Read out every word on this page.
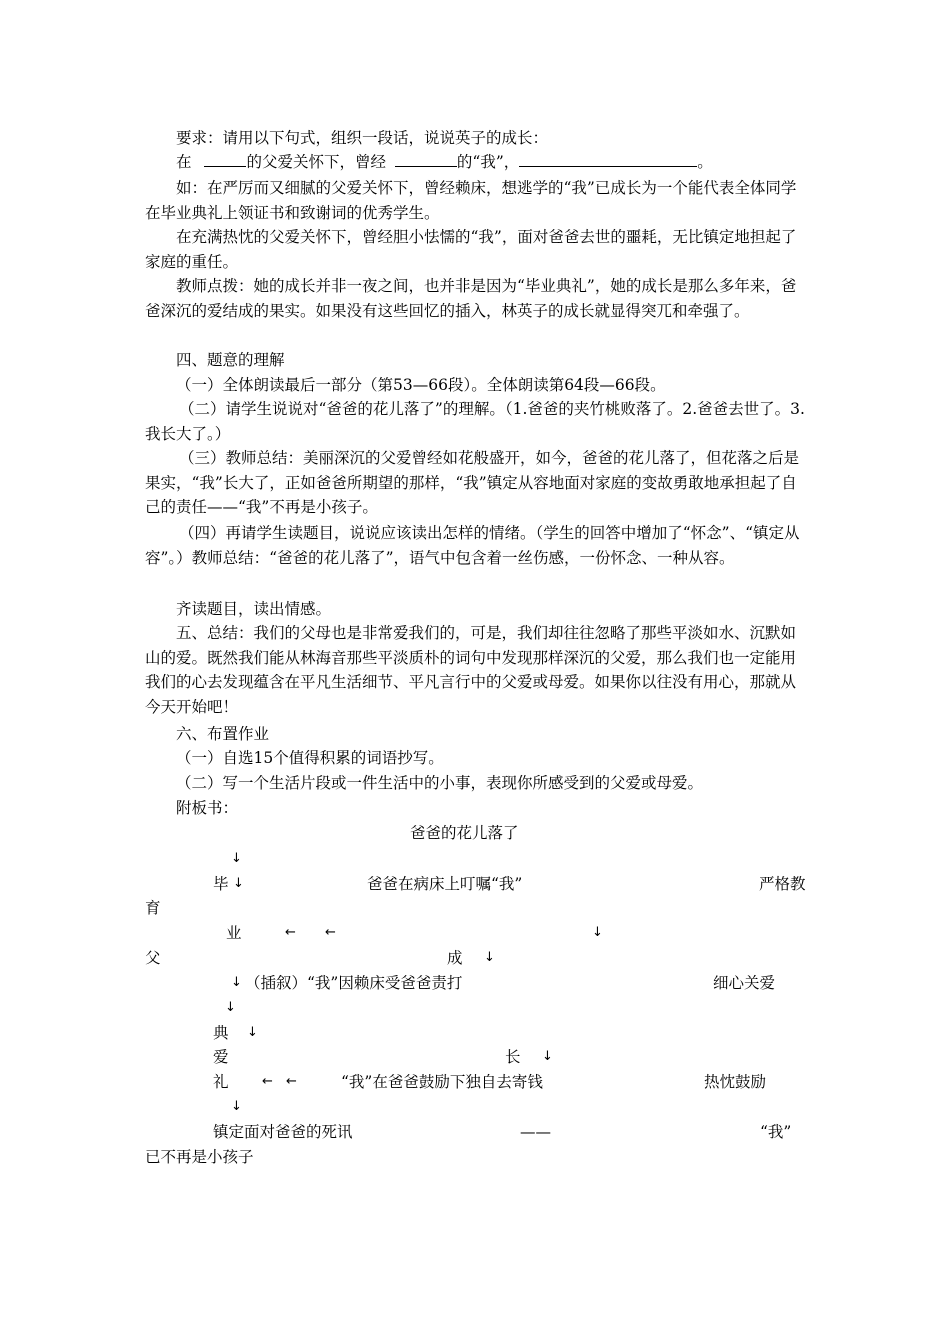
要求：请用以下句式，组织一段话，说说英子的成长：
在	的父爱关怀下，曾经	的“我”，	。

如：在严厉而又细腻的父爱关怀下，曾经赖床，想逃学的“我”已成长为一个能代表全体同学在毕业典礼上领证书和致谢词的优秀学生。

在充满热忱的父爱关怀下，曾经胆小怯懦的“我”，面对爸爸去世的噩耗，无比镇定地担起了家庭的重任。

教师点拨：她的成长并非一夜之间，也并非是因为“毕业典礼”，她的成长是那么多年来，爸爸深沉的爱结成的果实。如果没有这些回忆的插入，林英子的成长就显得突兀和牵强了。

四、题意的理解
（一）全体朗读最后一部分（第53—66段）。全体朗读第64段—66段。

（二）请学生说说对“爸爸的花儿落了”的理解。（1.爸爸的夹竹桃败落了。2.爸爸去世了。3.我长大了。）

（三）教师总结：美丽深沉的父爱曾经如花般盛开，如今，爸爸的花儿落了，但花落之后是果实，“我”长大了，正如爸爸所期望的那样，“我”镇定从容地面对家庭的变故勇敢地承担起了自己的责任——“我”不再是小孩子。

（四）再请学生读题目，说说应该读出怎样的情绪。（学生的回答中增加了“怀念”、“镇定从容”。）教师总结：“爸爸的花儿落了”，语气中包含着一丝伤感，一份怀念、一种从容。

齐读题目，读出情感。

五、总结：我们的父母也是非常爱我们的，可是，我们却往往忽略了那些平淡如水、沉默如山的爱。既然我们能从林海音那些平淡质朴的词句中发现那样深沉的父爱，那么我们也一定能用我们的心去发现蕴含在平凡生活细节、平凡言行中的父爱或母爱。如果你以往没有用心，那就从今天开始吧！

六、布置作业
（一）自选15个值得积累的词语抄写。
（二）写一个生活片段或一件生活中的小事，表现你所感受到的父爱或母爱。
附板书：
爸爸的花儿落了
↓
毕 ↓	爸爸在病床上叮嘱“我”	严格教
育
业	← ←	↓
父	成 ↓
↓ （插叙）“我”因赖床受爸爸责打	细心关爱
↓
典 ↓
爱	长 ↓
礼	← ←	“我”在爸爸鼓励下独自去寄钱	热忱鼓励
↓
镇定面对爸爸的死讯	——	“我”
已不再是小孩子
